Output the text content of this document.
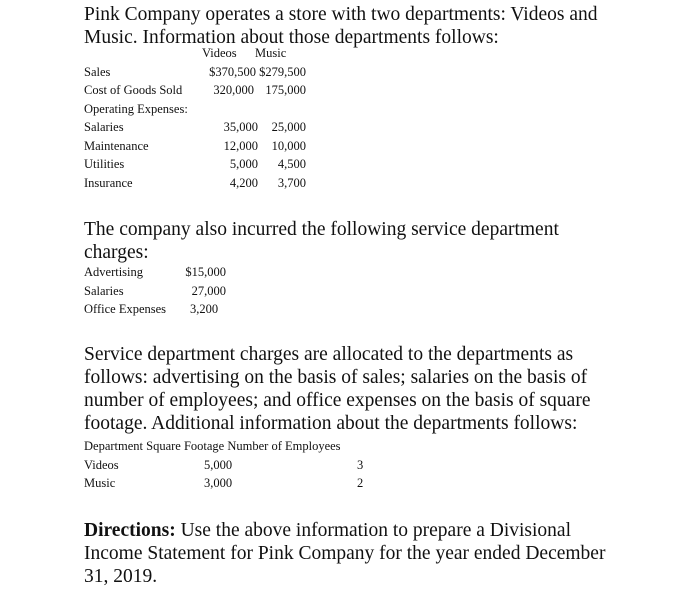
Pink Company operates a store with two departments: Videos and Music. Information about those departments follows:

Videos Music
Sales	$370,500 $279,500
Cost of Goods Sold	320,000 175,000
Operating Expenses:
Salaries	35,000	25,000
Maintenance	12,000	10,000
Utilities	5,000	4,500
Insurance	4,200	3,700

The company also incurred the following service department charges:

Advertising	$15,000
Salaries	27,000
Office Expenses 3,200

Service department charges are allocated to the departments as follows: advertising on the basis of sales; salaries on the basis of number of employees; and office expenses on the basis of square footage. Additional information about the departments follows:

Department Square Footage Number of Employees
Videos	5,000	3
Music	3,000	2

Directions: Use the above information to prepare a Divisional Income Statement for Pink Company for the year ended December 31, 2019.
